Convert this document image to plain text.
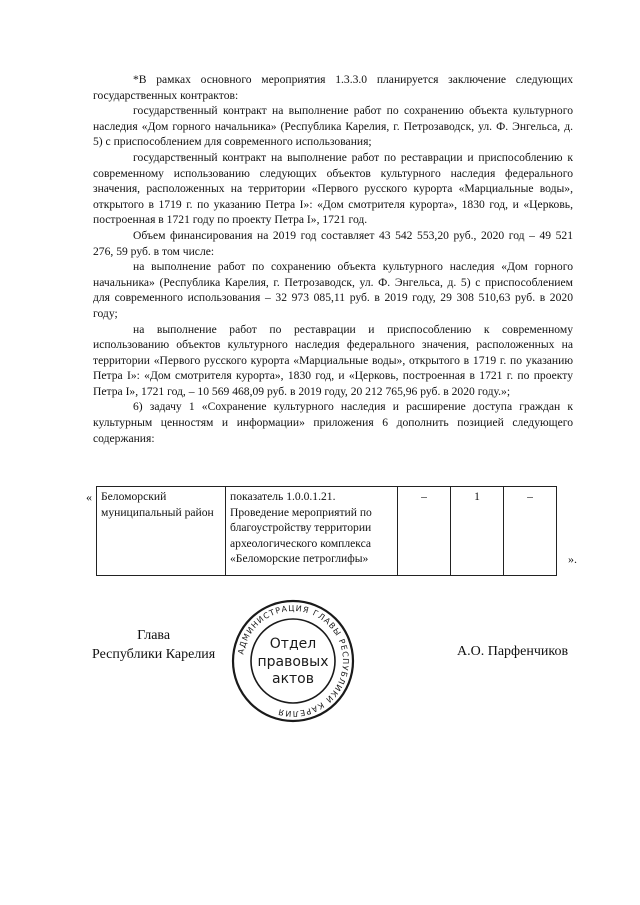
*В рамках основного мероприятия 1.3.3.0 планируется заключение следующих государственных контрактов:

государственный контракт на выполнение работ по сохранению объекта культурного наследия «Дом горного начальника» (Республика Карелия, г. Петрозаводск, ул. Ф. Энгельса, д. 5) с приспособлением для современного использования;

государственный контракт на выполнение работ по реставрации и приспособлению к современному использованию следующих объектов культурного наследия федерального значения, расположенных на территории «Первого русского курорта «Марциальные воды», открытого в 1719 г. по указанию Петра I»: «Дом смотрителя курорта», 1830 год, и «Церковь, построенная в 1721 году по проекту Петра I», 1721 год.

Объем финансирования на 2019 год составляет 43 542 553,20 руб., 2020 год – 49 521 276, 59 руб. в том числе:

на выполнение работ по сохранению объекта культурного наследия «Дом горного начальника» (Республика Карелия, г. Петрозаводск, ул. Ф. Энгельса, д. 5) с приспособлением для современного использования – 32 973 085,11 руб. в 2019 году, 29 308 510,63 руб. в 2020 году;

на выполнение работ по реставрации и приспособлению к современному использованию объектов культурного наследия федерального значения, расположенных на территории «Первого русского курорта «Марциальные воды», открытого в 1719 г. по указанию Петра I»: «Дом смотрителя курорта», 1830 год, и «Церковь, построенная в 1721 г. по проекту Петра I», 1721 год, – 10 569 468,09 руб. в 2019 году, 20 212 765,96 руб. в 2020 году.»;

6) задачу 1 «Сохранение культурного наследия и расширение доступа граждан к культурным ценностям и информации» приложения 6 дополнить позицией следующего содержания:

« Беломорский муниципальный район	показатель 1.0.0.1.21. Проведение мероприятий по благоустройству территории археологического комплекса «Беломорские петроглифы»	–	1	–
».
Глава
Республики Карелия	АДМИНИСТРАЦИЯ ГЛАВЫ РЕСПУБЛИКИ КАРЕЛИЯ
Отдел
правовых
актов
А.О. Парфенчиков
